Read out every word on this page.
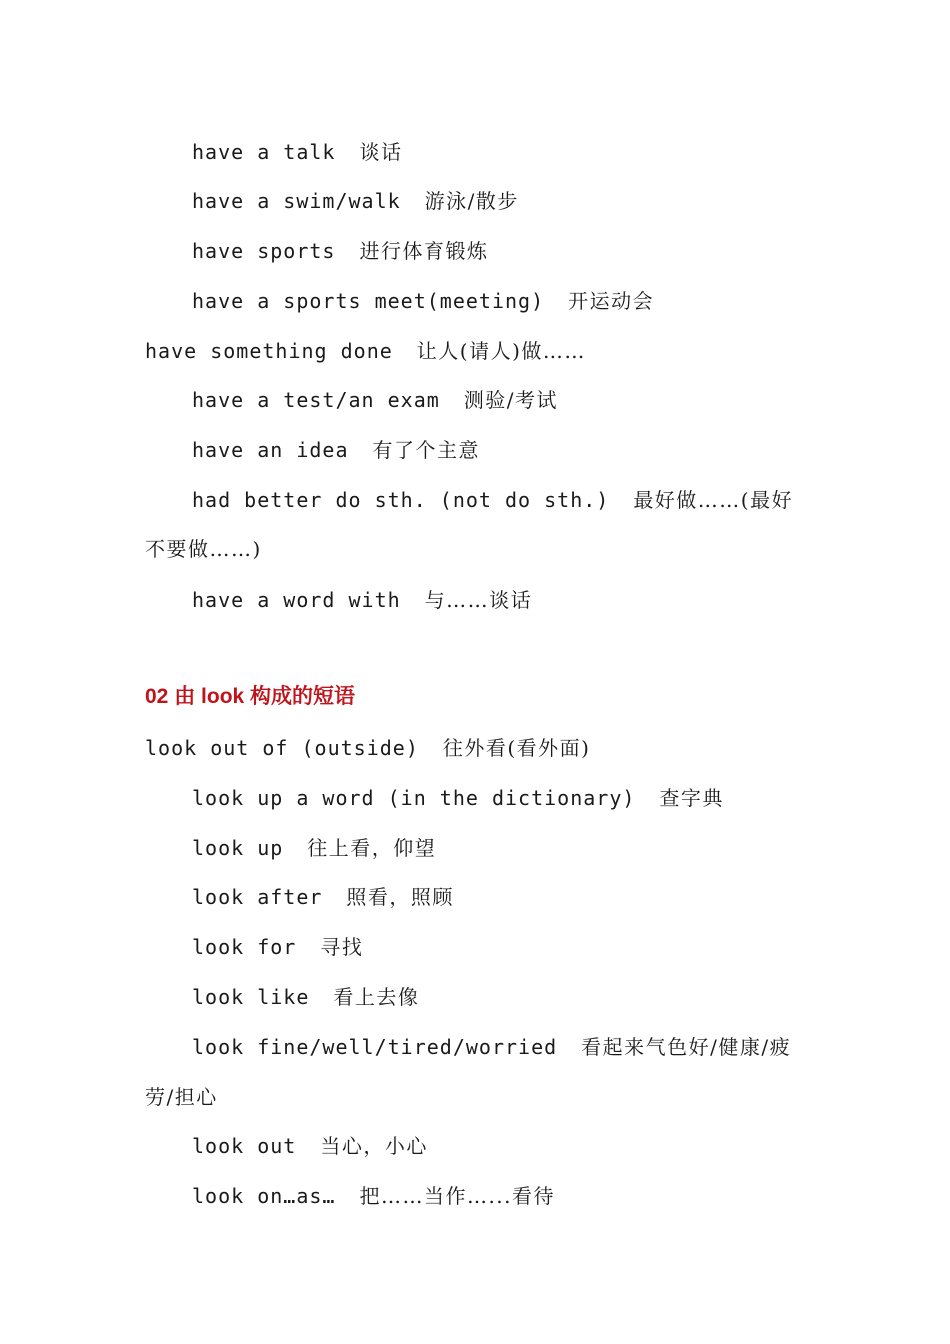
have a talk 谈话
have a swim/walk 游泳/散步
have sports 进行体育锻炼
have a sports meet(meeting) 开运动会
have something done 让人(请人)做……
have a test/an exam 测验/考试
have an idea 有了个主意
had better do sth. (not do sth.) 最好做……(最好
不要做……)
have a word with 与……谈话
02 由 look 构成的短语
look out of (outside) 往外看(看外面)
look up a word (in the dictionary) 查字典
look up 往上看，仰望
look after 照看，照顾
look for 寻找
look like 看上去像
look fine/well/tired/worried 看起来气色好/健康/疲
劳/担心
look out 当心，小心
look on…as… 把……当作…...看待
